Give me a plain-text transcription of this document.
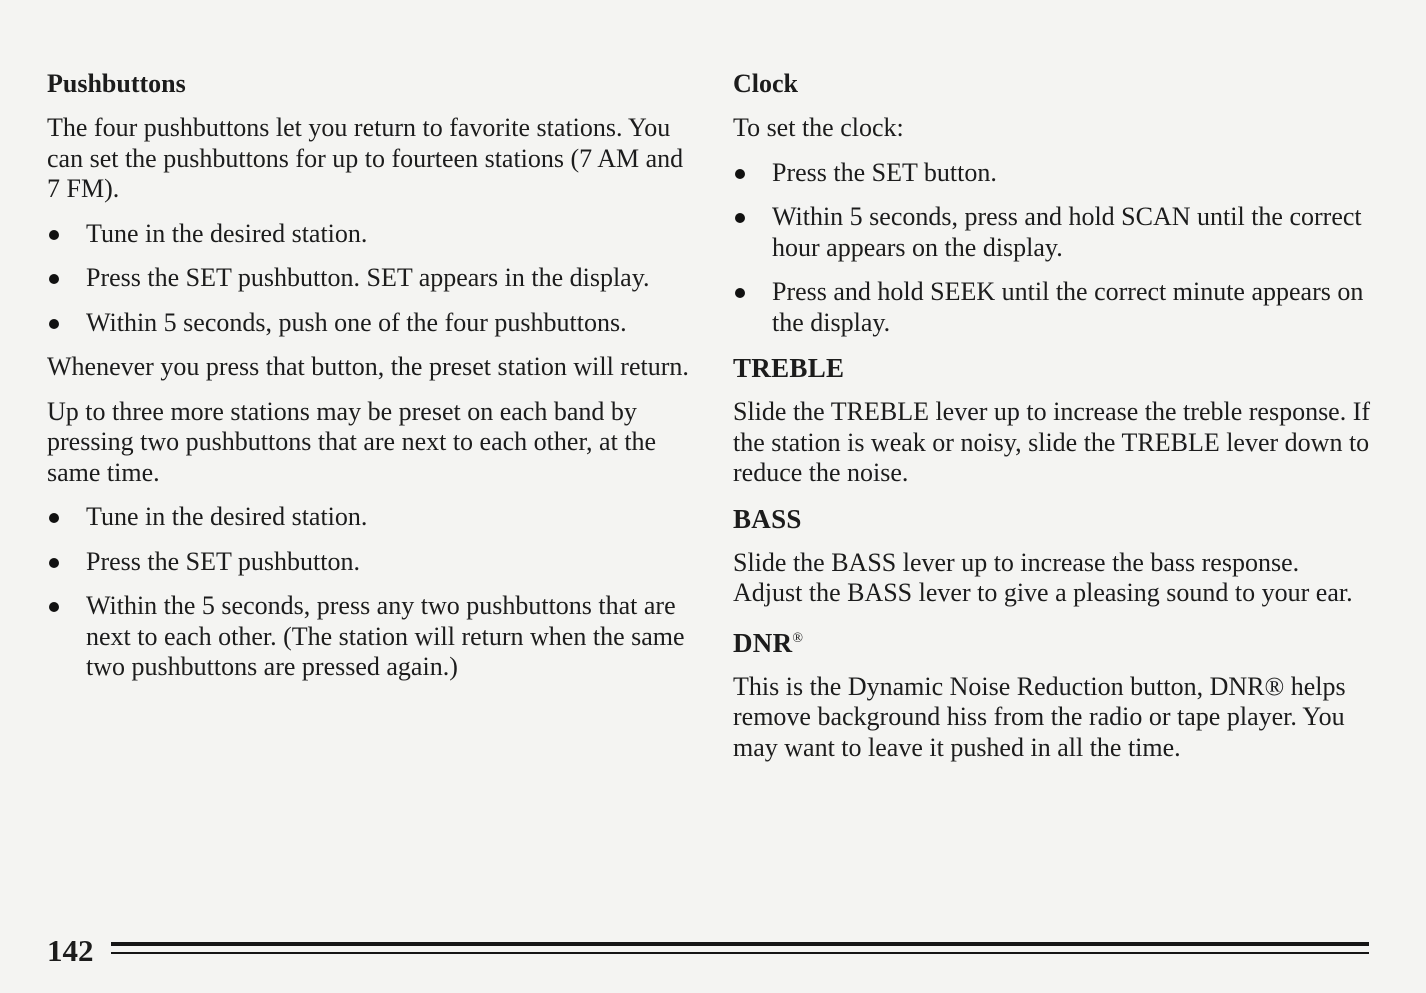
Pushbuttons
The four pushbuttons let you return to favorite stations. You can set the pushbuttons for up to fourteen stations (7 AM and 7 FM).
Tune in the desired station.
Press the SET pushbutton. SET appears in the display.
Within 5 seconds, push one of the four pushbuttons.
Whenever you press that button, the preset station will return.
Up to three more stations may be preset on each band by pressing two pushbuttons that are next to each other, at the same time.
Tune in the desired station.
Press the SET pushbutton.
Within the 5 seconds, press any two pushbuttons that are next to each other. (The station will return when the same two pushbuttons are pressed again.)
Clock
To set the clock:
Press the SET button.
Within 5 seconds, press and hold SCAN until the correct hour appears on the display.
Press and hold SEEK until the correct minute appears on the display.
TREBLE
Slide the TREBLE lever up to increase the treble response. If the station is weak or noisy, slide the TREBLE lever down to reduce the noise.
BASS
Slide the BASS lever up to increase the bass response. Adjust the BASS lever to give a pleasing sound to your ear.
DNR®
This is the Dynamic Noise Reduction button, DNR® helps remove background hiss from the radio or tape player. You may want to leave it pushed in all the time.
142
